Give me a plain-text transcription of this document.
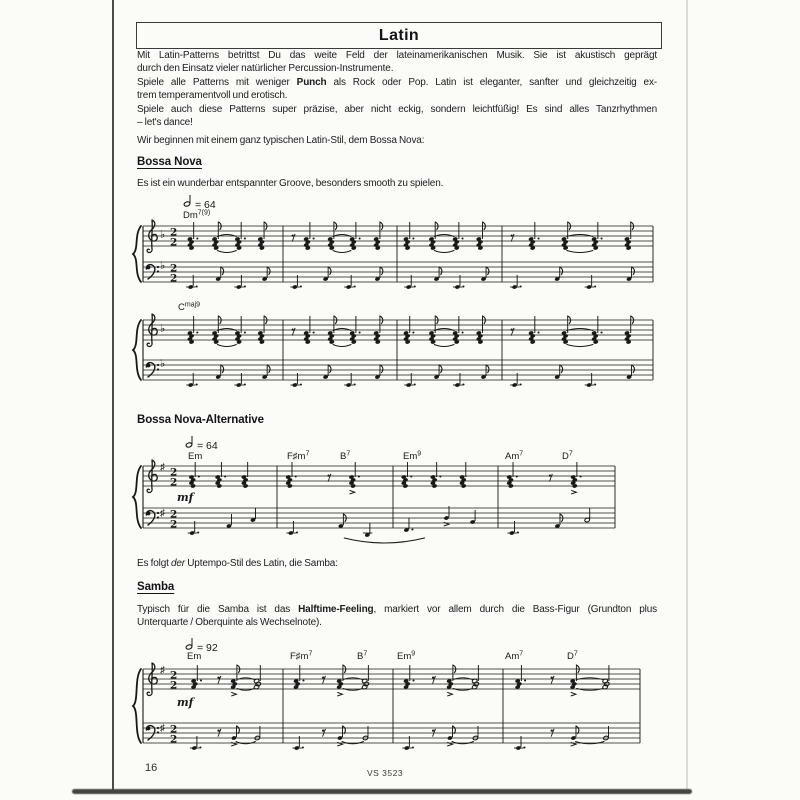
Latin
Mit Latin-Patterns betrittst Du das weite Feld der lateinamerikanischen Musik. Sie ist akustisch geprägt
durch den Einsatz vieler natürlicher Percussion-Instrumente.
Spiele alle Patterns mit weniger Punch als Rock oder Pop. Latin ist eleganter, sanfter und gleichzeitig ex-
trem temperamentvoll und erotisch.
Spiele auch diese Patterns super präzise, aber nicht eckig, sondern leichtfüßig! Es sind alles Tanzrhythmen
– let's dance!
Wir beginnen mit einem ganz typischen Latin-Stil, dem Bossa Nova:
Bossa Nova
Es ist ein wunderbar entspannter Groove, besonders smooth zu spielen.
♭
♭
2
2
2
2
= 64
$Dm^{7(9)}$
♭
♭
$C^{maj9}$
Bossa Nova-Alternative
♯
♯
2
2
2
2
= 64
Em	$F♯m^7$	$B^7$	Em$^9$	Am$^7$	$D^7$
mf
Es folgt der Uptempo-Stil des Latin, die Samba:
Samba
Typisch für die Samba ist das Halftime-Feeling, markiert vor allem durch die Bass-Figur (Grundton plus
Unterquarte / Oberquinte als Wechselnote).
♯
♯
2
2
2
2
= 92
Em	$F♯m^7$	$B^7$	Em$^9$	Am$^7$	$D^7$
mf
16	VS 3523
